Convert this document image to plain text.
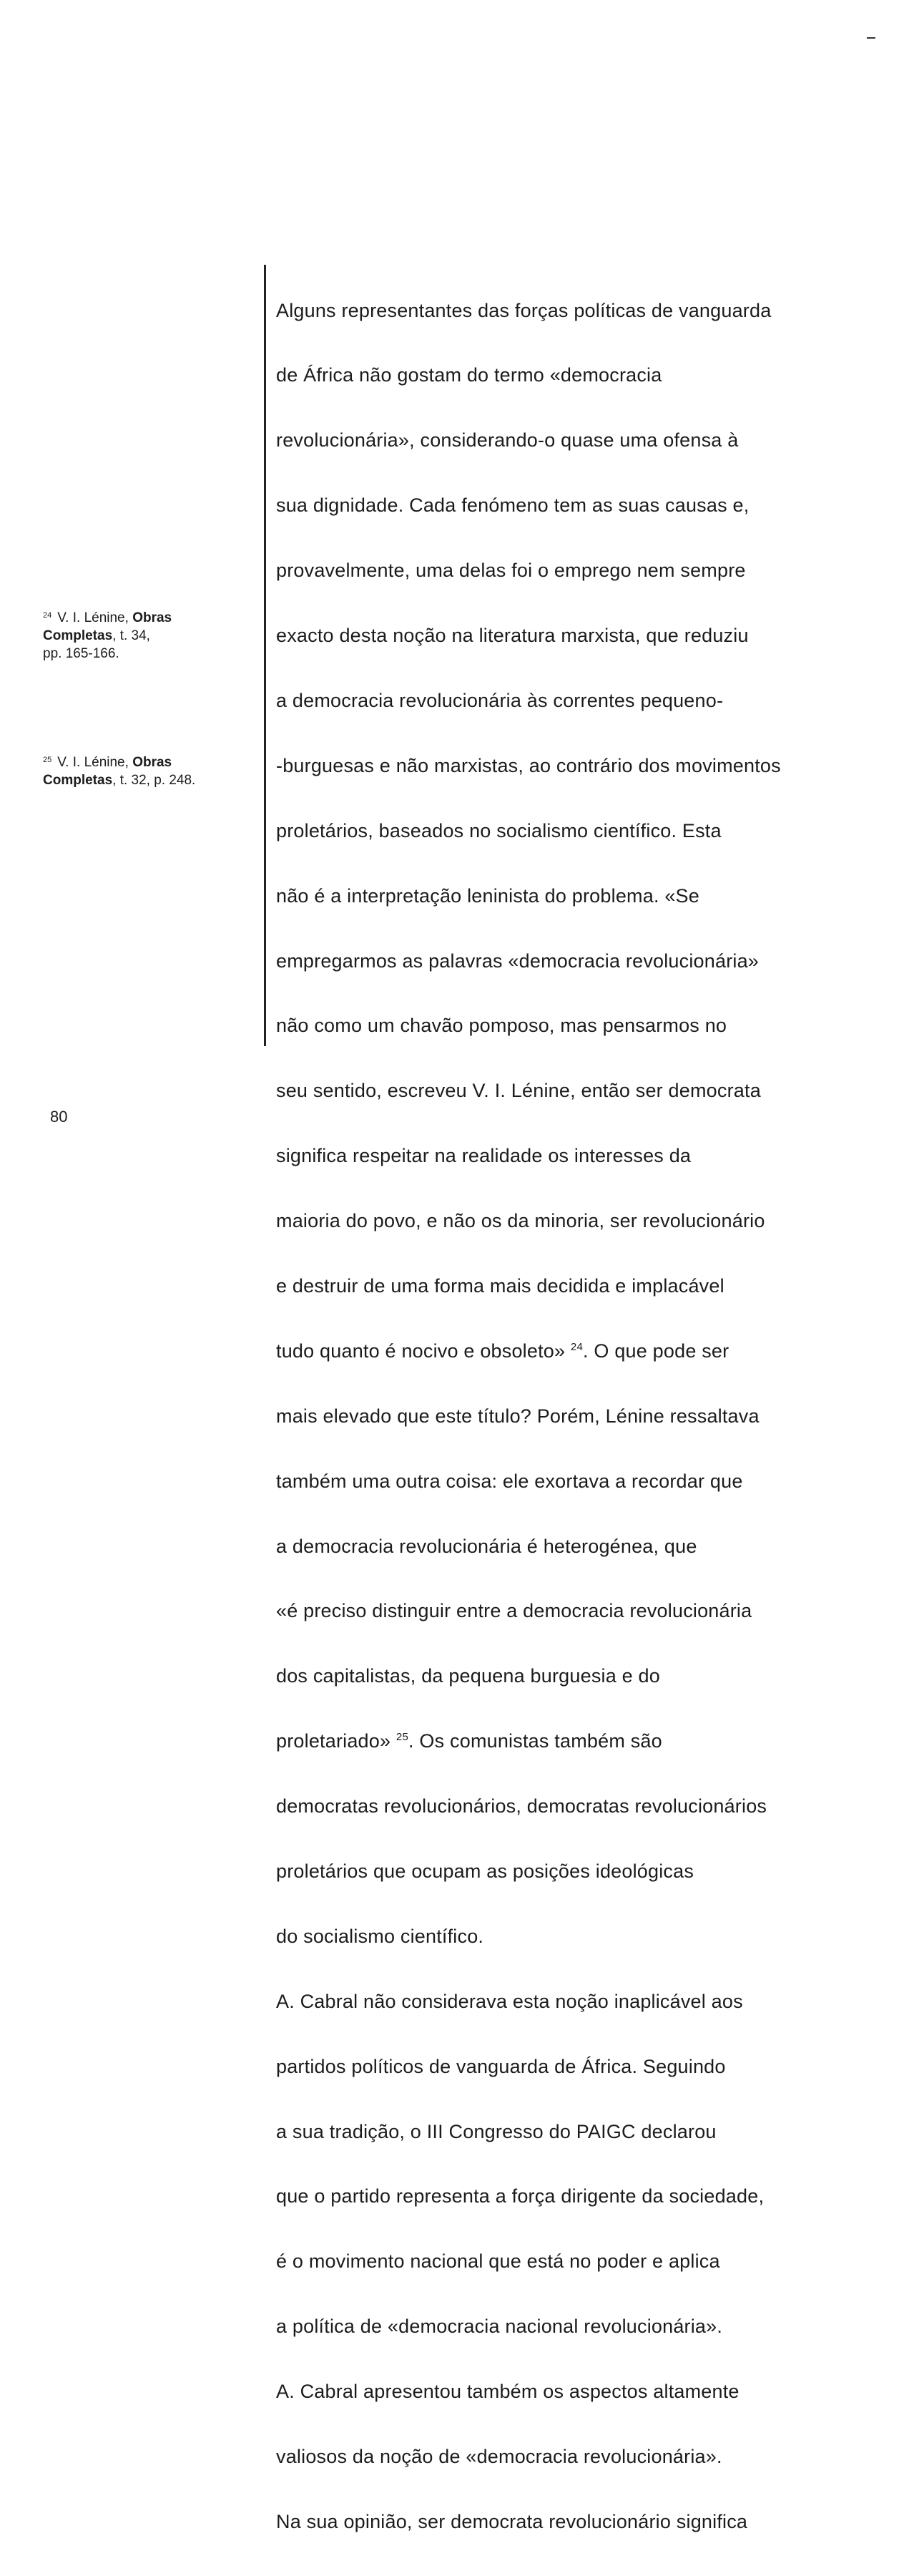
Alguns representantes das forças políticas de vanguarda

de África não gostam do termo «democracia

revolucionária», considerando-o quase uma ofensa à

sua dignidade. Cada fenómeno tem as suas causas e,

provavelmente, uma delas foi o emprego nem sempre

exacto desta noção na literatura marxista, que reduziu

a democracia revolucionária às correntes pequeno-

-burguesas e não marxistas, ao contrário dos movimentos

proletários, baseados no socialismo científico. Esta

não é a interpretação leninista do problema. «Se

empregarmos as palavras «democracia revolucionária»

não como um chavão pomposo, mas pensarmos no

seu sentido, escreveu V. I. Lénine, então ser democrata

significa respeitar na realidade os interesses da

maioria do povo, e não os da minoria, ser revolucionário

e destruir de uma forma mais decidida e implacável

tudo quanto é nocivo e obsoleto» $^{24}$. O que pode ser

mais elevado que este título? Porém, Lénine ressaltava

também uma outra coisa: ele exortava a recordar que

a democracia revolucionária é heterogénea, que

«é preciso distinguir entre a democracia revolucionária

dos capitalistas, da pequena burguesia e do

proletariado» $^{25}$. Os comunistas também são

democratas revolucionários, democratas revolucionários

proletários que ocupam as posições ideológicas

do socialismo científico.

A. Cabral não considerava esta noção inaplicável aos

partidos políticos de vanguarda de África. Seguindo

a sua tradição, o III Congresso do PAIGC declarou

que o partido representa a força dirigente da sociedade,

é o movimento nacional que está no poder e aplica

a política de «democracia nacional revolucionária».

A. Cabral apresentou também os aspectos altamente

valiosos da noção de «democracia revolucionária».

Na sua opinião, ser democrata revolucionário significa

$^{24}$ V. I. Lénine, Obras
Completas, t. 34,
pp. 165-166.
$^{25}$ V. I. Lénine, Obras
Completas, t. 32, p. 248.
80
